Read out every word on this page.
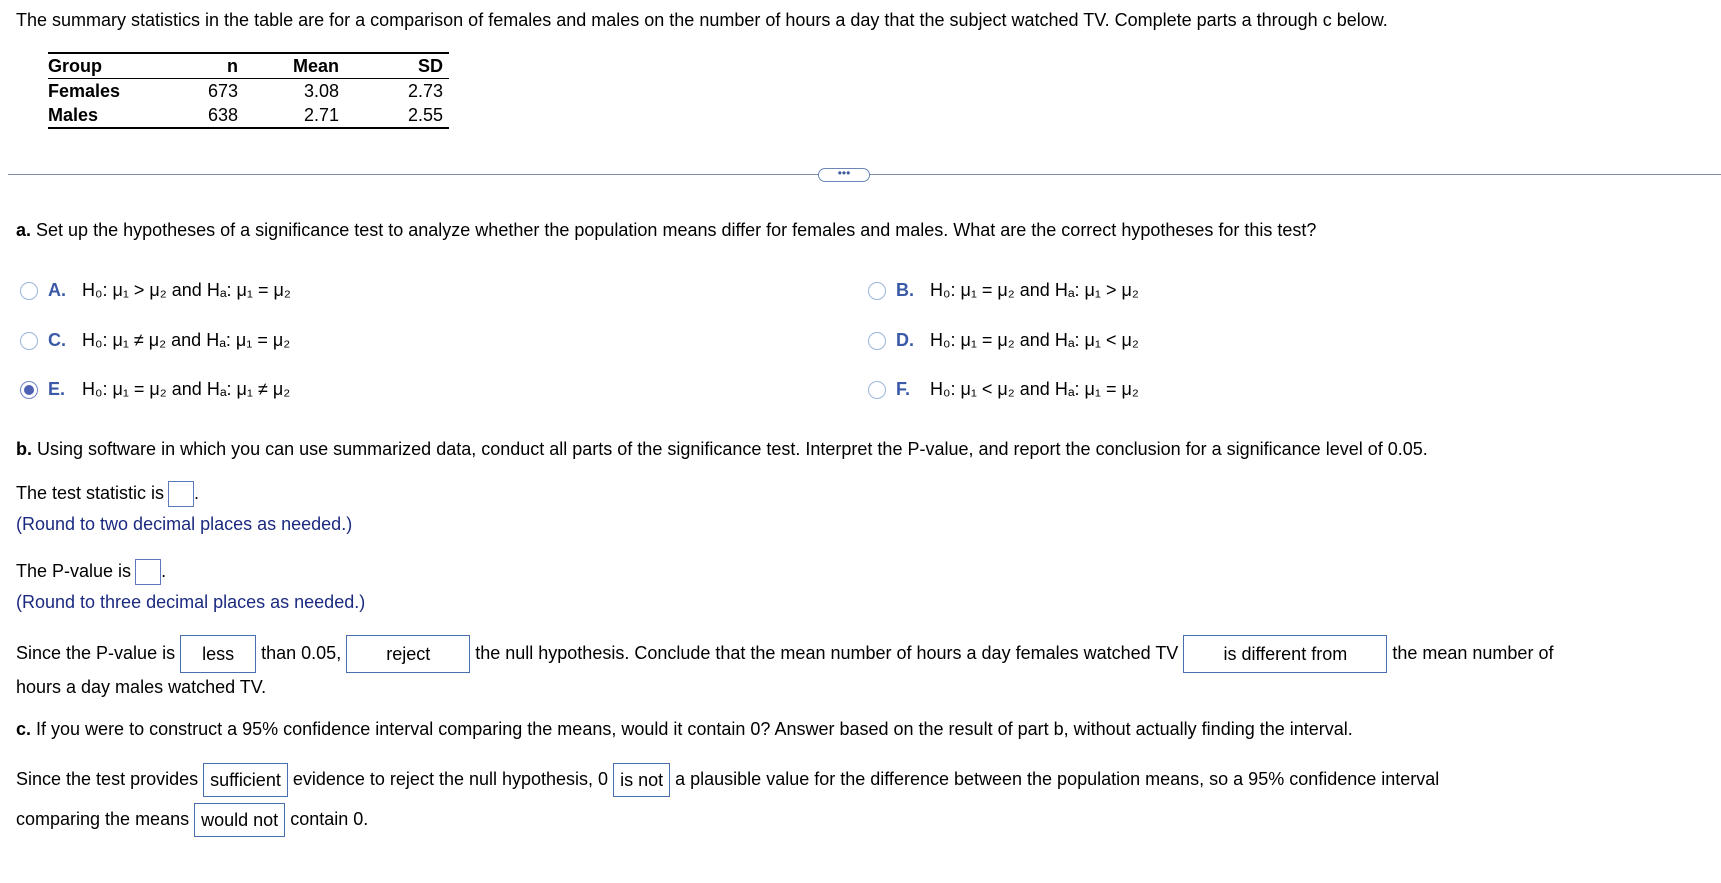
The summary statistics in the table are for a comparison of females and males on the number of hours a day that the subject watched TV. Complete parts a through c below.
Group	n	Mean	SD
Females	673	3.08	2.73
Males	638	2.71	2.55
•••
a. Set up the hypotheses of a significance test to analyze whether the population means differ for females and males. What are the correct hypotheses for this test?
A. H₀: μ₁ > μ₂ and Hₐ: μ₁ = μ₂	B. H₀: μ₁ = μ₂ and Hₐ: μ₁ > μ₂
C. H₀: μ₁ ≠ μ₂ and Hₐ: μ₁ = μ₂	D. H₀: μ₁ = μ₂ and Hₐ: μ₁ < μ₂
E. H₀: μ₁ = μ₂ and Hₐ: μ₁ ≠ μ₂	F.	H₀: μ₁ < μ₂ and Hₐ: μ₁ = μ₂
b. Using software in which you can use summarized data, conduct all parts of the significance test. Interpret the P-value, and report the conclusion for a significance level of 0.05.
The test statistic is .
(Round to two decimal places as needed.)
The P-value is .
(Round to three decimal places as needed.)
Since the P-value is less than 0.05,	reject	the null hypothesis. Conclude that the mean number of hours a day females watched TV	is different from	the mean number of
hours a day males watched TV.
c. If you were to construct a 95% confidence interval comparing the means, would it contain 0? Answer based on the result of part b, without actually finding the interval.
Since the test provides sufficient evidence to reject the null hypothesis, 0 is not a plausible value for the difference between the population means, so a 95% confidence interval
comparing the means would not contain 0.
